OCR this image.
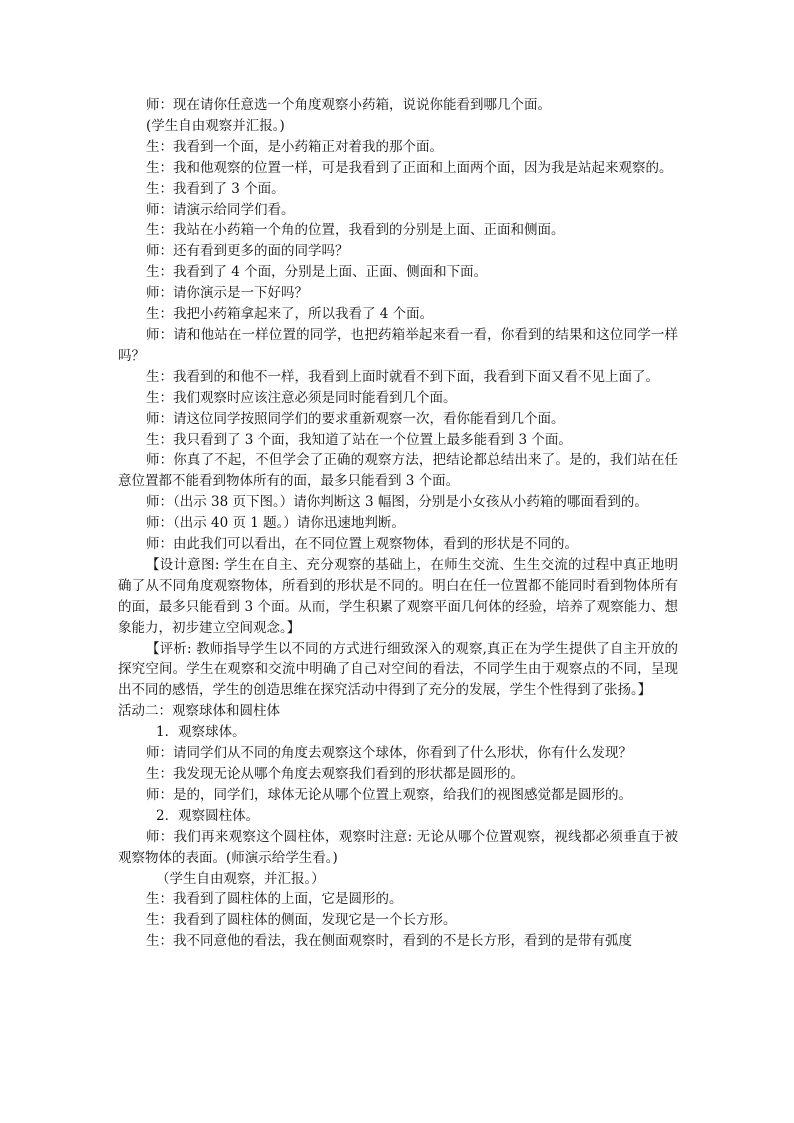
师：现在请你任意选一个角度观察小药箱，说说你能看到哪几个面。

(学生自由观察并汇报。)

生：我看到一个面，是小药箱正对着我的那个面。

生：我和他观察的位置一样，可是我看到了正面和上面两个面，因为我是站起来观察的。

生：我看到了 3 个面。

师：请演示给同学们看。

生：我站在小药箱一个角的位置，我看到的分别是上面、正面和侧面。

师：还有看到更多的面的同学吗？

生：我看到了 4 个面，分别是上面、正面、侧面和下面。

师：请你演示是一下好吗？

生：我把小药箱拿起来了，所以我看了 4 个面。

师：请和他站在一样位置的同学，也把药箱举起来看一看，你看到的结果和这位同学一样吗？

生：我看到的和他不一样，我看到上面时就看不到下面，我看到下面又看不见上面了。

生：我们观察时应该注意必须是同时能看到几个面。

师：请这位同学按照同学们的要求重新观察一次，看你能看到几个面。

生：我只看到了 3 个面，我知道了站在一个位置上最多能看到 3 个面。

师：你真了不起，不但学会了正确的观察方法，把结论都总结出来了。是的，我们站在任意位置都不能看到物体所有的面，最多只能看到 3 个面。

师：（出示 38 页下图。）请你判断这 3 幅图，分别是小女孩从小药箱的哪面看到的。

师：（出示 40 页 1 题。）请你迅速地判断。

师：由此我们可以看出，在不同位置上观察物体，看到的形状是不同的。

【设计意图: 学生在自主、充分观察的基础上，在师生交流、生生交流的过程中真正地明确了从不同角度观察物体，所看到的形状是不同的。明白在任一位置都不能同时看到物体所有的面，最多只能看到 3 个面。从而，学生积累了观察平面几何体的经验，培养了观察能力、想象能力，初步建立空间观念。】

【评析: 教师指导学生以不同的方式进行细致深入的观察,真正在为学生提供了自主开放的探究空间。学生在观察和交流中明确了自己对空间的看法，不同学生由于观察点的不同，呈现出不同的感悟，学生的创造思维在探究活动中得到了充分的发展，学生个性得到了张扬。】

活动二：观察球体和圆柱体

1．观察球体。

师：请同学们从不同的角度去观察这个球体，你看到了什么形状，你有什么发现？

生：我发现无论从哪个角度去观察我们看到的形状都是圆形的。

师：是的，同学们，球体无论从哪个位置上观察，给我们的视图感觉都是圆形的。

2．观察圆柱体。

师：我们再来观察这个圆柱体，观察时注意: 无论从哪个位置观察，视线都必须垂直于被观察物体的表面。(师演示给学生看。)

（学生自由观察，并汇报。）

生：我看到了圆柱体的上面，它是圆形的。

生：我看到了圆柱体的侧面，发现它是一个长方形。

生：我不同意他的看法，我在侧面观察时，看到的不是长方形，看到的是带有弧度
